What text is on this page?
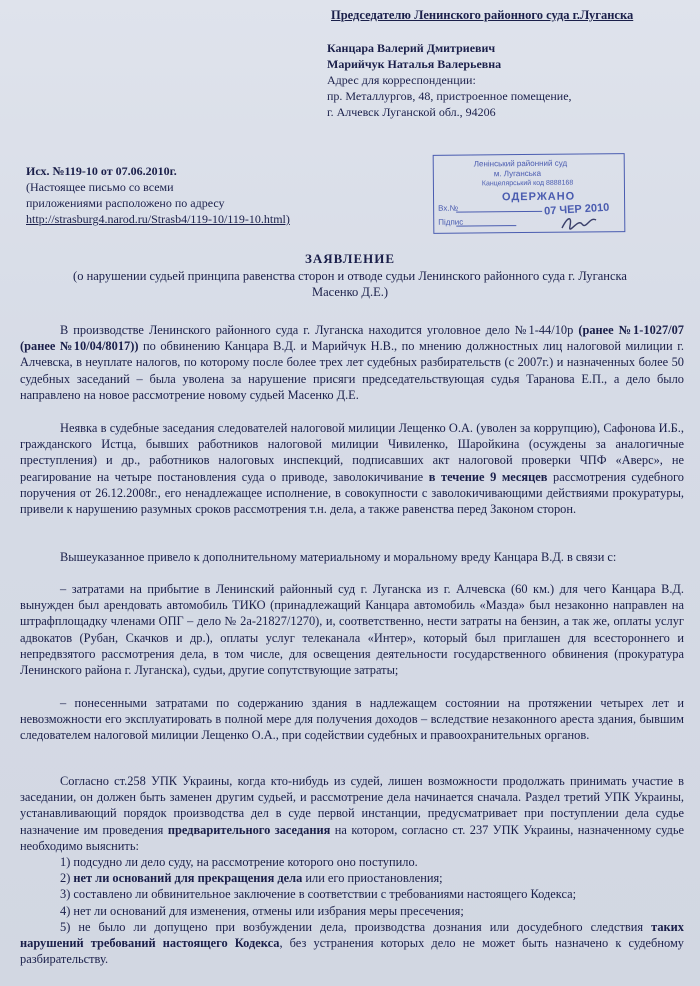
Председателю Ленинского районного суда г.Луганска
Канцара Валерий Дмитриевич
Марийчук Наталья Валерьевна
Адрес для корреспонденции:
пр. Металлургов, 48, пристроенное помещение,
г. Алчевск Луганской обл., 94206
Исх. №119-10 от 07.06.2010г.
(Настоящее письмо со всеми
приложениями расположено по адресу
http://strasburg4.narod.ru/Strasb4/119-10/119-10.html)
Ленінський районний суд
м. Луганська
Канцелярський код 8888168
ОДЕРЖАНО
Вх.№
Підпис
07 ЧЕР 2010
ЗАЯВЛЕНИЕ
(о нарушении судьей принципа равенства сторон и отводе судьи Ленинского районного суда г. Луганска Масенко Д.Е.)

В производстве Ленинского районного суда г. Луганска находится уголовное дело №1-44/10р (ранее №1-1027/07 (ранее №10/04/8017)) по обвинению Канцара В.Д. и Марийчук Н.В., по мнению должностных лиц налоговой милиции г. Алчевска, в неуплате налогов, по которому после более трех лет судебных разбирательств (с 2007г.) и назначенных более 50 судебных заседаний – была уволена за нарушение присяги председательствующая судья Таранова Е.П., а дело было направлено на новое рассмотрение новому судьей Масенко Д.Е.

Неявка в судебные заседания следователей налоговой милиции Лещенко О.А. (уволен за коррупцию), Сафонова И.Б., гражданского Истца, бывших работников налоговой милиции Чивиленко, Шаройкина (осуждены за аналогичные преступления) и др., работников налоговых инспекций, подписавших акт налоговой проверки ЧПФ «Аверс», не реагирование на четыре постановления суда о приводе, заволокичивание в течение 9 месяцев рассмотрения судебного поручения от 26.12.2008г., его ненадлежащее исполнение, в совокупности с заволокичивающими действиями прокуратуры, привели к нарушению разумных сроков рассмотрения т.н. дела, а также равенства перед Законом сторон.

Вышеуказанное привело к дополнительному материальному и моральному вреду Канцара В.Д. в связи с:

– затратами на прибытие в Ленинский районный суд г. Луганска из г. Алчевска (60 км.) для чего Канцара В.Д. вынужден был арендовать автомобиль ТИКО (принадлежащий Канцара автомобиль «Мазда» был незаконно направлен на штрафплощадку членами ОПГ – дело № 2а-21827/1270), и, соответственно, нести затраты на бензин, а так же, оплаты услуг адвокатов (Рубан, Скачков и др.), оплаты услуг телеканала «Интер», который был приглашен для всестороннего и непредвзятого рассмотрения дела, в том числе, для освещения деятельности государственного обвинения (прокуратура Ленинского района г. Луганска), судьи, другие сопутствующие затраты;

– понесенными затратами по содержанию здания в надлежащем состоянии на протяжении четырех лет и невозможности его эксплуатировать в полной мере для получения доходов – вследствие незаконного ареста здания, бывшим следователем налоговой милиции Лещенко О.А., при содействии судебных и правоохранительных органов.

Согласно ст.258 УПК Украины, когда кто-нибудь из судей, лишен возможности продолжать принимать участие в заседании, он должен быть заменен другим судьей, и рассмотрение дела начинается сначала. Раздел третий УПК Украины, устанавливающий порядок производства дел в суде первой инстанции, предусматривает при поступлении дела судье назначение им проведения предварительного заседания на котором, согласно ст. 237 УПК Украины, назначенному судье необходимо выяснить:

1) подсудно ли дело суду, на рассмотрение которого оно поступило.

2) нет ли оснований для прекращения дела или его приостановления;

3) составлено ли обвинительное заключение в соответствии с требованиями настоящего Кодекса;

4) нет ли оснований для изменения, отмены или избрания меры пресечения;

5) не было ли допущено при возбуждении дела, производства дознания или досудебного следствия таких нарушений требований настоящего Кодекса, без устранения которых дело не может быть назначено к судебному разбирательству.
